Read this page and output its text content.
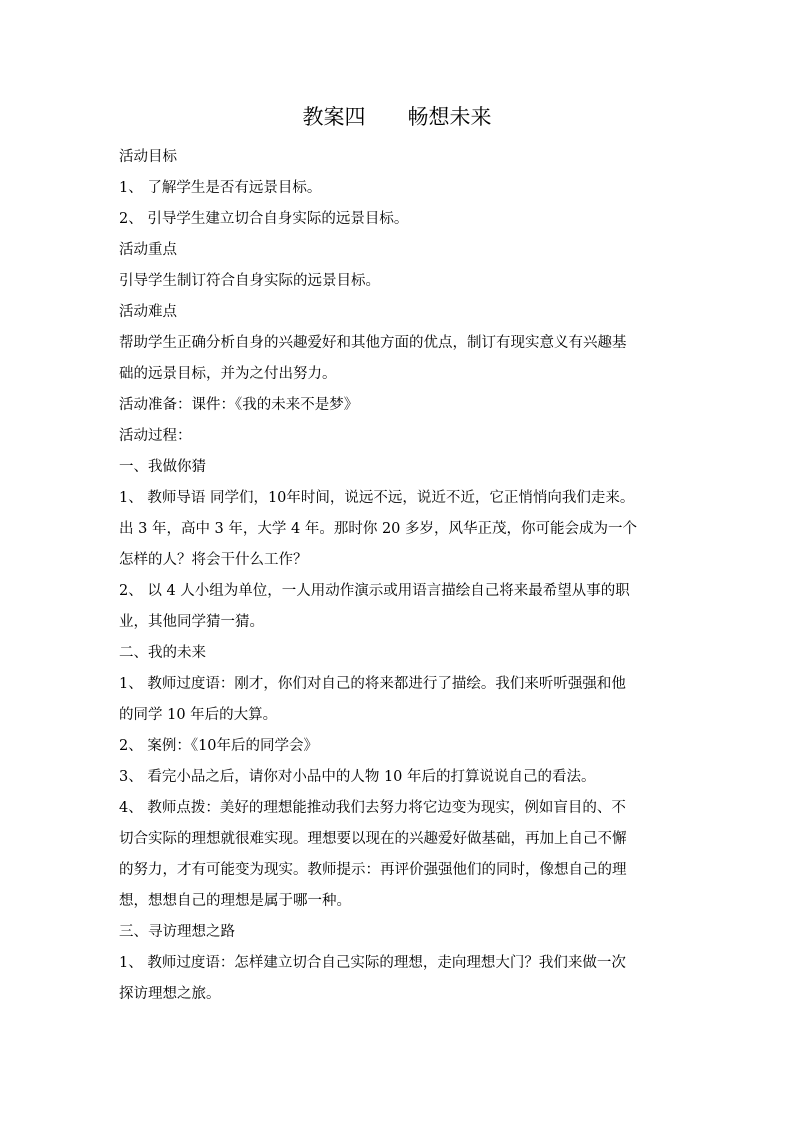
教案四　　畅想未来
活动目标
1、 了解学生是否有远景目标。
2、 引导学生建立切合自身实际的远景目标。
活动重点
引导学生制订符合自身实际的远景目标。
活动难点
帮助学生正确分析自身的兴趣爱好和其他方面的优点，制订有现实意义有兴趣基
础的远景目标，并为之付出努力。
活动准备：课件：《我的未来不是梦》
活动过程：
一、我做你猜
1、 教师导语 同学们，10年时间，说远不远，说近不近，它正悄悄向我们走来。
出 3 年，高中 3 年，大学 4 年。那时你 20 多岁，风华正茂，你可能会成为一个
怎样的人？将会干什么工作？
2、 以 4 人小组为单位，一人用动作演示或用语言描绘自己将来最希望从事的职
业，其他同学猜一猜。
二、我的未来
1、 教师过度语：刚才，你们对自己的将来都进行了描绘。我们来听听强强和他
的同学 10 年后的大算。
2、 案例：《10年后的同学会》
3、 看完小品之后，请你对小品中的人物 10 年后的打算说说自己的看法。
4、 教师点拨：美好的理想能推动我们去努力将它边变为现实，例如盲目的、不
切合实际的理想就很难实现。理想要以现在的兴趣爱好做基础，再加上自己不懈
的努力，才有可能变为现实。教师提示：再评价强强他们的同时，像想自己的理
想，想想自己的理想是属于哪一种。
三、寻访理想之路
1、 教师过度语：怎样建立切合自己实际的理想，走向理想大门？我们来做一次
探访理想之旅。
